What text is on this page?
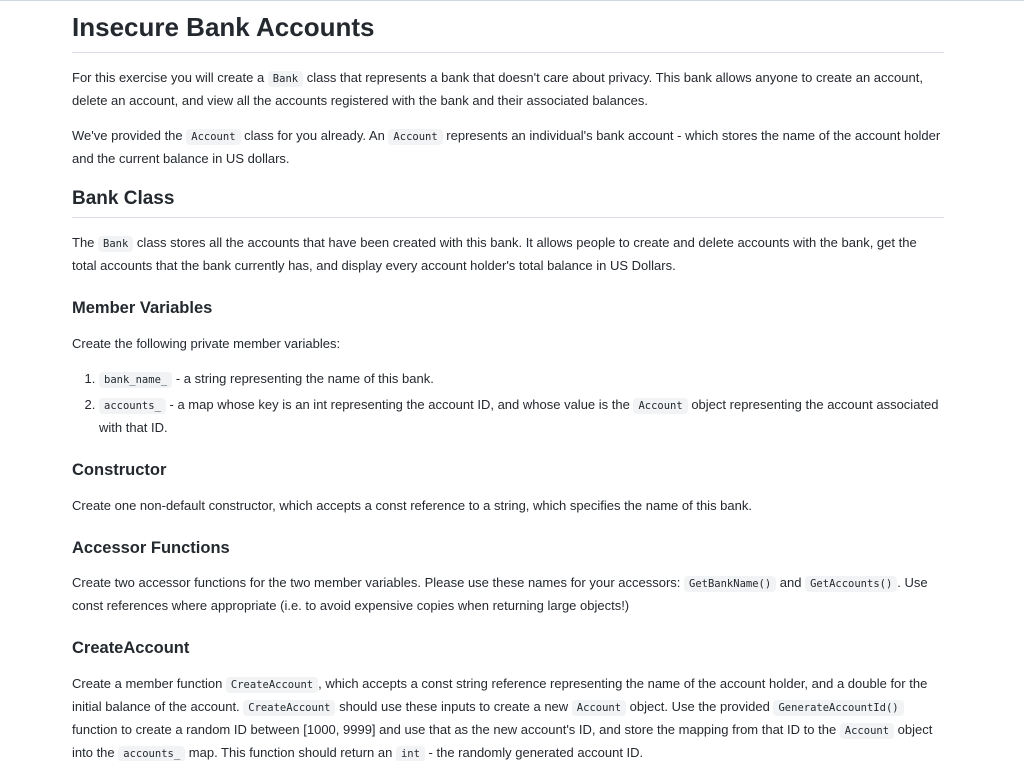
Insecure Bank Accounts

For this exercise you will create a Bank class that represents a bank that doesn't care about privacy. This bank allows anyone to create an account, delete an account, and view all the accounts registered with the bank and their associated balances.

We've provided the Account class for you already. An Account represents an individual's bank account - which stores the name of the account holder and the current balance in US dollars.

Bank Class

The Bank class stores all the accounts that have been created with this bank. It allows people to create and delete accounts with the bank, get the total accounts that the bank currently has, and display every account holder's total balance in US Dollars.

Member Variables

Create the following private member variables:

1. bank_name_ - a string representing the name of this bank.
2. accounts_ - a map whose key is an int representing the account ID, and whose value is the Account object representing the account associated with that ID.
Constructor

Create one non-default constructor, which accepts a const reference to a string, which specifies the name of this bank.

Accessor Functions

Create two accessor functions for the two member variables. Please use these names for your accessors: GetBankName() and GetAccounts() . Use const references where appropriate (i.e. to avoid expensive copies when returning large objects!)

CreateAccount

Create a member function CreateAccount , which accepts a const string reference representing the name of the account holder, and a double for the initial balance of the account. CreateAccount should use these inputs to create a new Account object. Use the provided GenerateAccountId() function to create a random ID between [1000, 9999] and use that as the new account's ID, and store the mapping from that ID to the Account object into the accounts_ map. This function should return an int - the randomly generated account ID.
